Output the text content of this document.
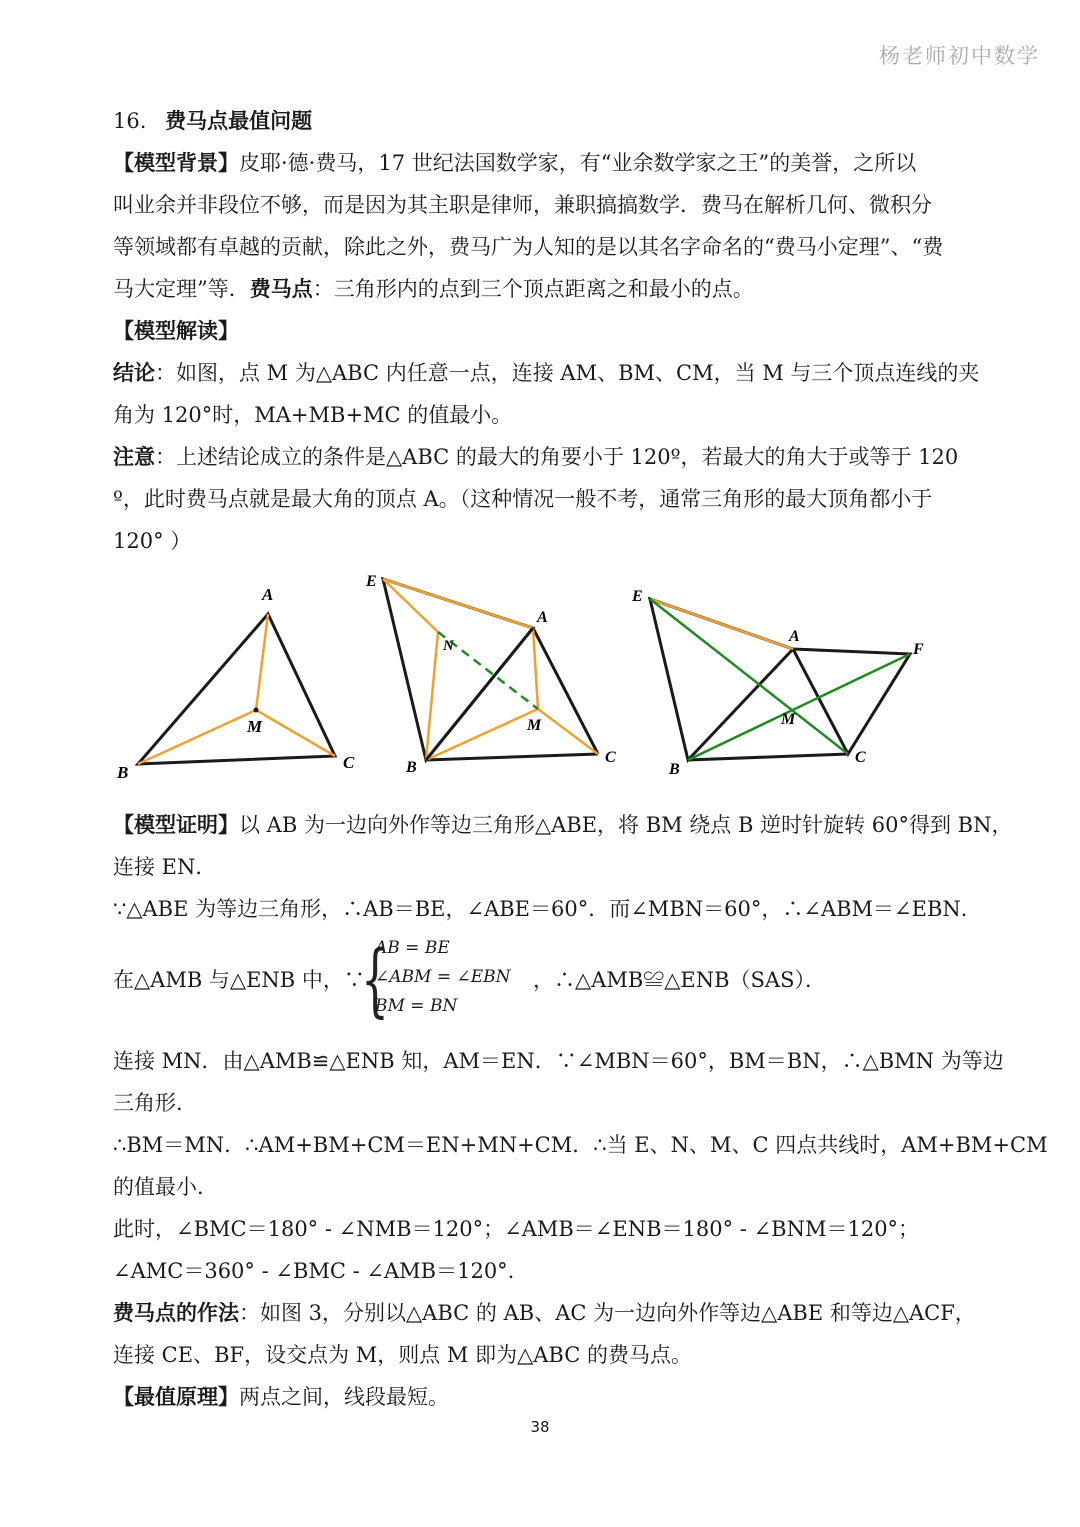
杨老师初中数学
16. 费马点最值问题
【模型背景】皮耶·德·费马，17 世纪法国数学家，有“业余数学家之王”的美誉，之所以
叫业余并非段位不够，而是因为其主职是律师，兼职搞搞数学．费马在解析几何、微积分
等领域都有卓越的贡献，除此之外，费马广为人知的是以其名字命名的“费马小定理”、“费
马大定理”等．费马点：三角形内的点到三个顶点距离之和最小的点。
【模型解读】
结论：如图，点 M 为△ABC 内任意一点，连接 AM、BM、CM，当 M 与三个顶点连线的夹
角为 120°时，MA+MB+MC 的值最小。
注意：上述结论成立的条件是△ABC 的最大的角要小于 120º，若最大的角大于或等于 120
º，此时费马点就是最大角的顶点 A。（这种情况一般不考，通常三角形的最大顶角都小于
120° ）
A
B
C
M
E
N
A
M
B
C
E
A
F
M
B
C
【模型证明】以 AB 为一边向外作等边三角形△ABE，将 BM 绕点 B 逆时针旋转 60°得到 BN，
连接 EN．
∵△ABE 为等边三角形，∴AB＝BE，∠ABE＝60°．而∠MBN＝60°，∴∠ABM＝∠EBN．
在△AMB 与△ENB 中，∵
{
AB = BE
∠ABM = ∠EBN
BM = BN
，∴△AMB≌△ENB（SAS）．
连接 MN．由△AMB≌△ENB 知，AM＝EN．∵∠MBN＝60°，BM＝BN，∴△BMN 为等边
三角形．
∴BM＝MN．∴AM+BM+CM＝EN+MN+CM．∴当 E、N、M、C 四点共线时，AM+BM+CM
的值最小．
此时，∠BMC＝180° - ∠NMB＝120°；∠AMB＝∠ENB＝180° - ∠BNM＝120°；
∠AMC＝360° - ∠BMC - ∠AMB＝120°.
费马点的作法：如图 3，分别以△ABC 的 AB、AC 为一边向外作等边△ABE 和等边△ACF，
连接 CE、BF，设交点为 M，则点 M 即为△ABC 的费马点。
【最值原理】两点之间，线段最短。
38
